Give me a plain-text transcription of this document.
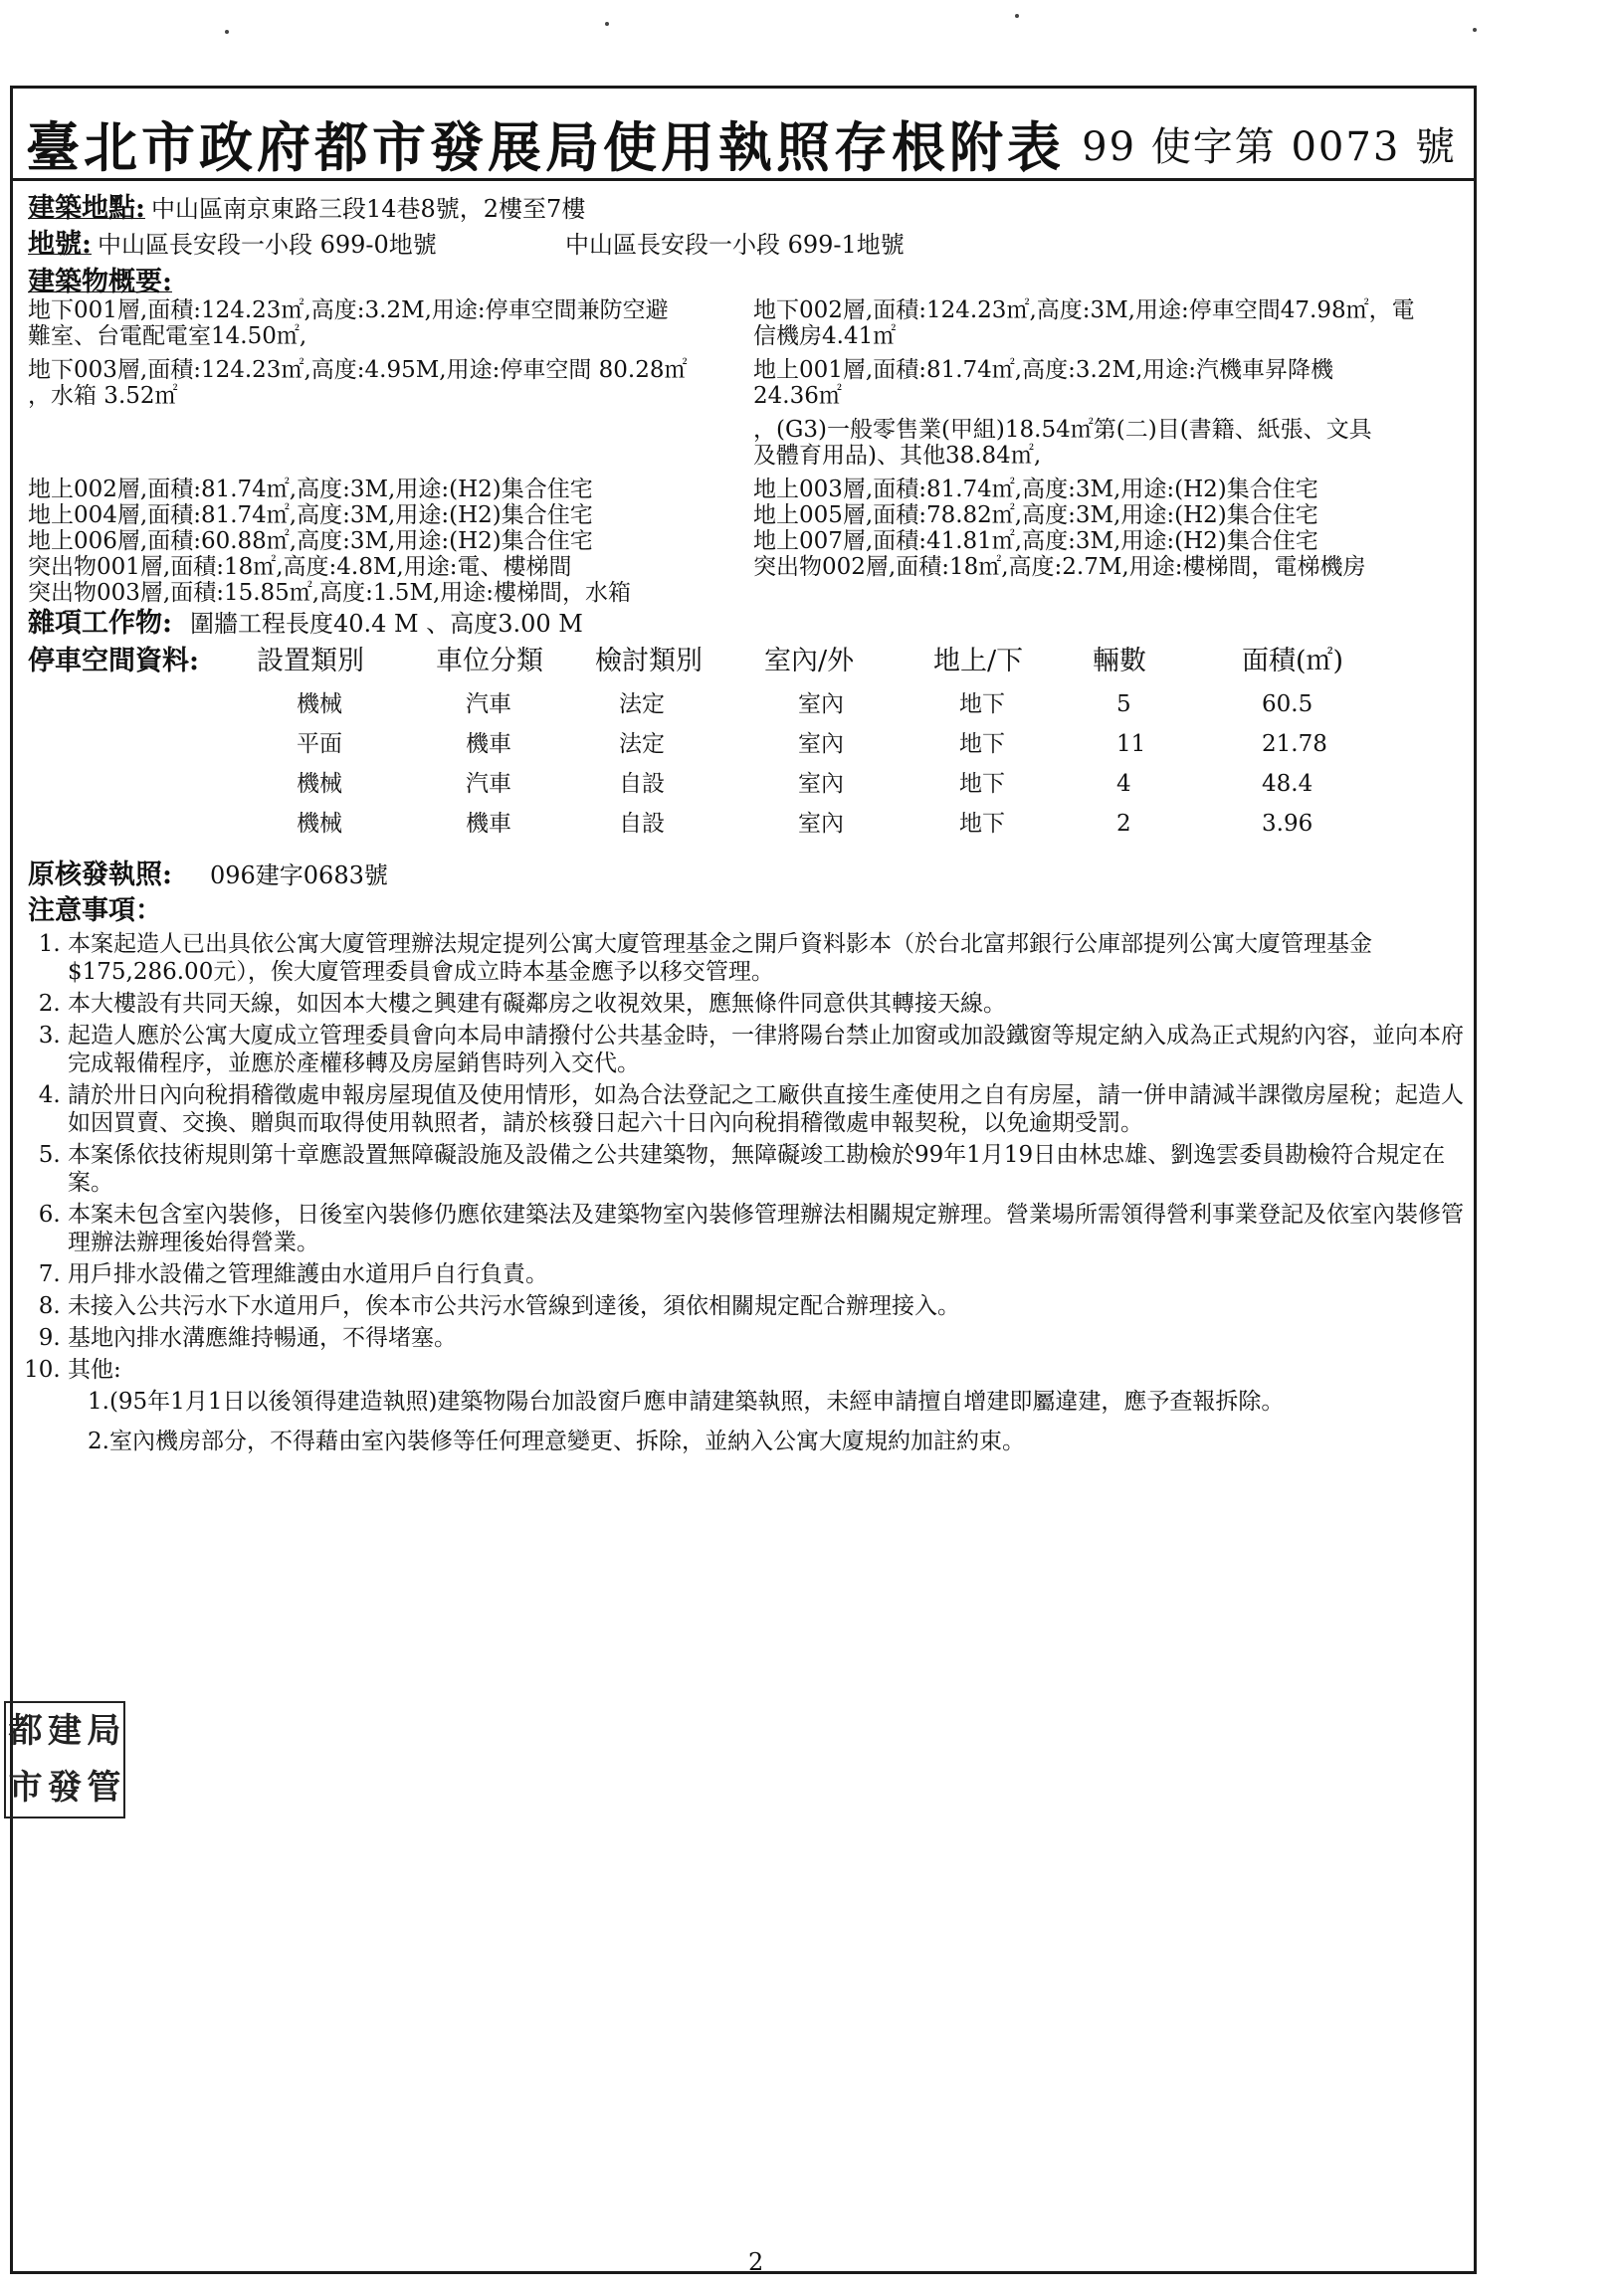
臺北市政府都市發展局使用執照存根附表 99 使字第 0073 號
建築地點: 中山區南京東路三段14巷8號，2樓至7樓
地號: 中山區長安段一小段 699-0地號	中山區長安段一小段 699-1地號
建築物概要:

地下001層,面積:124.23㎡,高度:3.2M,用途:停車空間兼防空避

難室、台電配電室14.50㎡,

地下003層,面積:124.23㎡,高度:4.95M,用途:停車空間 80.28㎡

，水箱 3.52㎡

地下002層,面積:124.23㎡,高度:3M,用途:停車空間47.98㎡，電

信機房4.41㎡

地上001層,面積:81.74㎡,高度:3.2M,用途:汽機車昇降機

24.36㎡

，(G3)一般零售業(甲組)18.54㎡第(二)目(書籍、紙張、文具

及體育用品)、其他38.84㎡,

地上002層,面積:81.74㎡,高度:3M,用途:(H2)集合住宅

地上004層,面積:81.74㎡,高度:3M,用途:(H2)集合住宅

地上006層,面積:60.88㎡,高度:3M,用途:(H2)集合住宅

突出物001層,面積:18㎡,高度:4.8M,用途:電、樓梯間

突出物003層,面積:15.85㎡,高度:1.5M,用途:樓梯間，水箱

地上003層,面積:81.74㎡,高度:3M,用途:(H2)集合住宅

地上005層,面積:78.82㎡,高度:3M,用途:(H2)集合住宅

地上007層,面積:41.81㎡,高度:3M,用途:(H2)集合住宅

突出物002層,面積:18㎡,高度:2.7M,用途:樓梯間，電梯機房

雜項工作物: 圍牆工程長度40.4 M 、高度3.00 M
停車空間資料:	設置類別	車位分類	檢討類別	室內/外	地上/下	輛數	面積(㎡)
	機械	汽車	法定	室內	地下	5	60.5
	平面	機車	法定	室內	地下	11	21.78
	機械	汽車	自設	室內	地下	4	48.4
	機械	機車	自設	室內	地下	2	3.96
原核發執照: 096建字0683號
注意事項：
1. 本案起造人已出具依公寓大廈管理辦法規定提列公寓大廈管理基金之開戶資料影本（於台北富邦銀行公庫部提列公寓大廈管理基金$175,286.00元），俟大廈管理委員會成立時本基金應予以移交管理。
2. 本大樓設有共同天線，如因本大樓之興建有礙鄰房之收視效果，應無條件同意供其轉接天線。
3. 起造人應於公寓大廈成立管理委員會向本局申請撥付公共基金時，一律將陽台禁止加窗或加設鐵窗等規定納入成為正式規約內容，並向本府完成報備程序，並應於產權移轉及房屋銷售時列入交代。
4. 請於卅日內向稅捐稽徵處申報房屋現值及使用情形，如為合法登記之工廠供直接生產使用之自有房屋，請一併申請減半課徵房屋稅；起造人如因買賣、交換、贈與而取得使用執照者，請於核發日起六十日內向稅捐稽徵處申報契稅，以免逾期受罰。
5. 本案係依技術規則第十章應設置無障礙設施及設備之公共建築物，無障礙竣工勘檢於99年1月19日由林忠雄、劉逸雲委員勘檢符合規定在案。
6. 本案未包含室內裝修，日後室內裝修仍應依建築法及建築物室內裝修管理辦法相關規定辦理。營業場所需領得營利事業登記及依室內裝修管理辦法辦理後始得營業。
7. 用戶排水設備之管理維護由水道用戶自行負責。
8. 未接入公共污水下水道用戶，俟本市公共污水管線到達後，須依相關規定配合辦理接入。
9. 基地內排水溝應維持暢通，不得堵塞。
10. 其他:

1.(95年1月1日以後領得建造執照)建築物陽台加設窗戶應申請建築執照，未經申請擅自增建即屬違建，應予查報拆除。

2.室內機房部分，不得藉由室內裝修等任何理意變更、拆除，並納入公寓大廈規約加註約束。

都 建 局
市 發 管
2
